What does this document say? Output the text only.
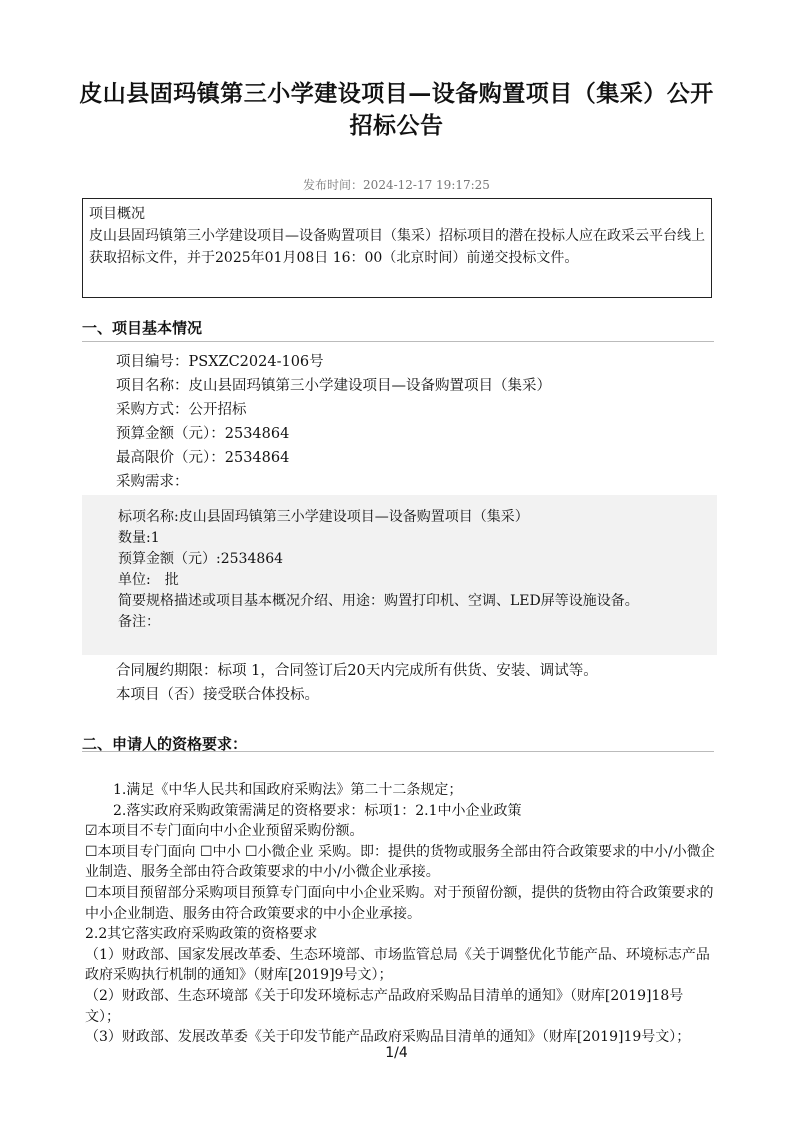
皮山县固玛镇第三小学建设项目—设备购置项目（集采）公开
招标公告
发布时间：2024-12-17 19:17:25
项目概况
皮山县固玛镇第三小学建设项目—设备购置项目（集采）招标项目的潜在投标人应在政采云平台线上获取招标文件，并于2025年01月08日 16：00（北京时间）前递交投标文件。
一、项目基本情况
项目编号：PSXZC2024-106号
项目名称：皮山县固玛镇第三小学建设项目—设备购置项目（集采）
采购方式：公开招标
预算金额（元）：2534864
最高限价（元）：2534864
采购需求：
标项名称:皮山县固玛镇第三小学建设项目—设备购置项目（集采）
数量:1
预算金额（元）:2534864
单位:　批
简要规格描述或项目基本概况介绍、用途：购置打印机、空调、LED屏等设施设备。
备注：
合同履约期限：标项 1，合同签订后20天内完成所有供货、安装、调试等。
本项目（否）接受联合体投标。
二、申请人的资格要求：
1.满足《中华人民共和国政府采购法》第二十二条规定；
2.落实政府采购政策需满足的资格要求：标项1：2.1中小企业政策
☑本项目不专门面向中小企业预留采购份额。
☐本项目专门面向 ☐中小 ☐小微企业 采购。即：提供的货物或服务全部由符合政策要求的中小/小微企业制造、服务全部由符合政策要求的中小/小微企业承接。
☐本项目预留部分采购项目预算专门面向中小企业采购。对于预留份额，提供的货物由符合政策要求的中小企业制造、服务由符合政策要求的中小企业承接。
2.2其它落实政府采购政策的资格要求
（1）财政部、国家发展改革委、生态环境部、市场监管总局《关于调整优化节能产品、环境标志产品政府采购执行机制的通知》（财库[2019]9号文）；
（2）财政部、生态环境部《关于印发环境标志产品政府采购品目清单的通知》（财库[2019]18号文）；
（3）财政部、发展改革委《关于印发节能产品政府采购品目清单的通知》（财库[2019]19号文）；
1/4
